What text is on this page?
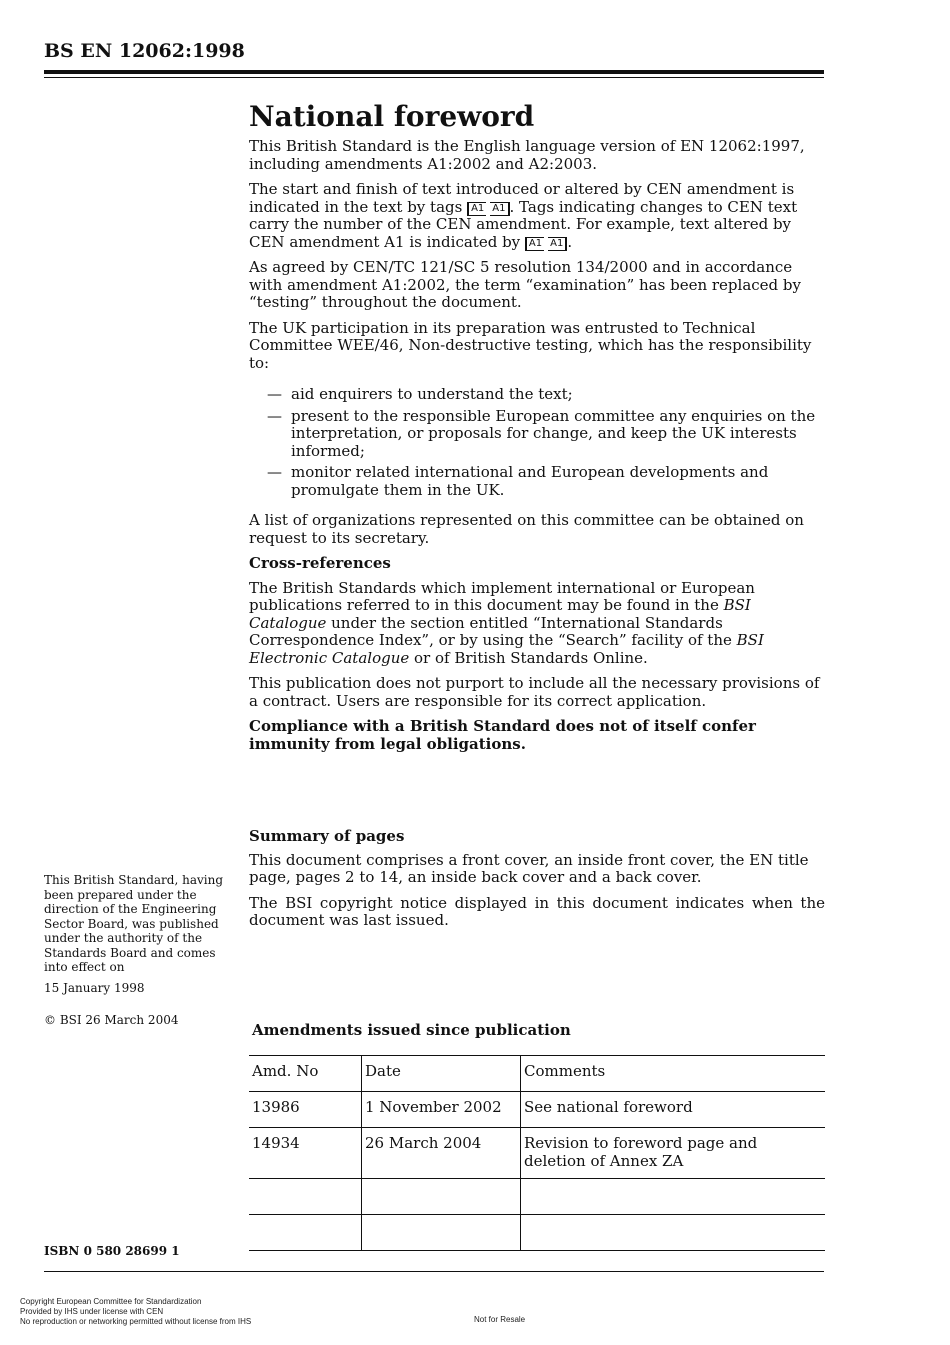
BS EN 12062:1998
National foreword

This British Standard is the English language version of EN 12062:1997, including amendments A1:2002 and A2:2003.

The start and finish of text introduced or altered by CEN amendment is indicated in the text by tags A1 A1 . Tags indicating changes to CEN text carry the number of the CEN amendment. For example, text altered by CEN amendment A1 is indicated by A1 A1 .

As agreed by CEN/TC 121/SC 5 resolution 134/2000 and in accordance with amendment A1:2002, the term “examination” has been replaced by “testing” throughout the document.

The UK participation in its preparation was entrusted to Technical Committee WEE/46, Non-destructive testing, which has the responsibility to:

— aid enquirers to understand the text;
— present to the responsible European committee any enquiries on the interpretation, or proposals for change, and keep the UK interests informed;
— monitor related international and European developments and promulgate them in the UK.

A list of organizations represented on this committee can be obtained on request to its secretary.

Cross-references

The British Standards which implement international or European publications referred to in this document may be found in the BSI Catalogue under the section entitled “International Standards Correspondence Index”, or by using the “Search” facility of the BSI Electronic Catalogue or of British Standards Online.

This publication does not purport to include all the necessary provisions of a contract. Users are responsible for its correct application.

Compliance with a British Standard does not of itself confer immunity from legal obligations.

Summary of pages

This document comprises a front cover, an inside front cover, the EN title page, pages 2 to 14, an inside back cover and a back cover.

The BSI copyright notice displayed in this document indicates when the document was last issued.

This British Standard, having been prepared under the direction of the Engineering Sector Board, was published under the authority of the Standards Board and comes into effect on

15 January 1998

© BSI 26 March 2004
Amendments issued since publication
Amd. No	Date	Comments
13986	1 November 2002	See national foreword
14934	26 March 2004	Revision to foreword page and deletion of Annex ZA

ISBN 0 580 28699 1
Copyright European Committee for Standardization
Provided by IHS under license with CEN
No reproduction or networking permitted without license from IHS	Not for Resale
